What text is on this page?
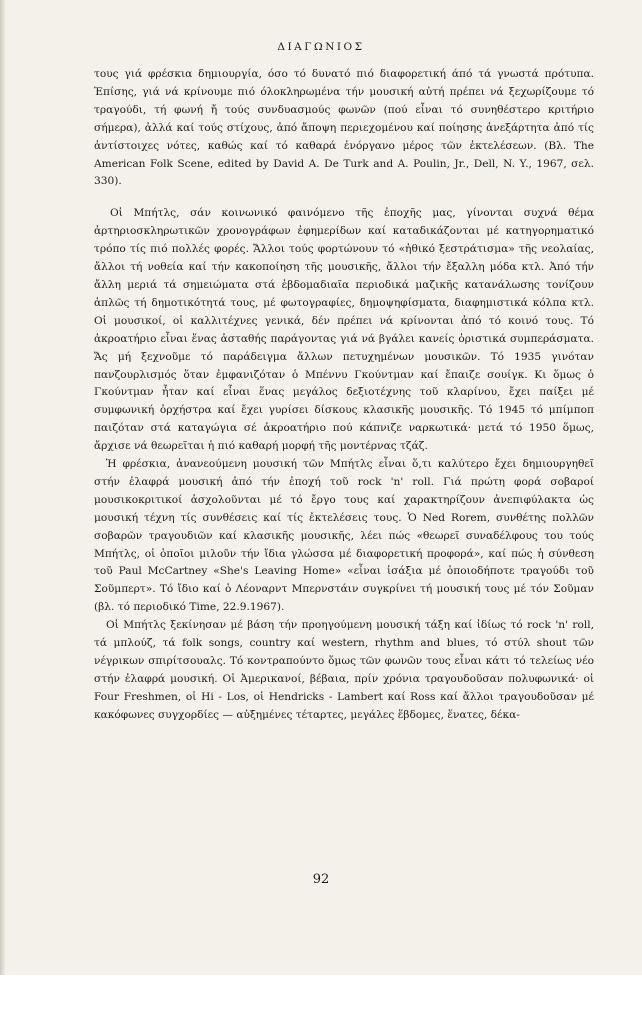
ΔΙΑΓΩΝΙΟΣ

τους γιά φρέσκια δημιουργία, όσο τό δυνατό πιό διαφορετική άπό τά γνωστά πρότυπα. Ἐπίσης, γιά νά κρίνουμε πιό όλοκληρωμένα τήν μουσική αὐτή πρέπει νά ξεχωρίζουμε τό τραγούδι, τή φωνή ἤ τούς συνδυασμούς φωνῶν (πού εἶναι τό συνηθέστερο κριτήριο σήμερα), ἀλλά καί τούς στίχους, ἀπό ἄποψη περιεχομένου καί ποίησης ἀνεξάρτητα ἀπό τίς ἀντίστοιχες νότες, καθώς καί τό καθαρά ἐνόργανο μέρος τῶν ἐκτελέσεων. (Βλ. The American Folk Scene, edited by David A. De Turk and A. Poulin, Jr., Dell, N. Y., 1967, σελ. 330).

Οἱ Μπήτλς, σάν κοινωνικό φαινόμενο τῆς ἐποχῆς μας, γίνονται συχνά θέμα ἀρτηριοσκληρωτικῶν χρονογράφων ἐφημερίδων καί καταδικάζονται μέ κατηγορηματικό τρόπο τίς πιό πολλές φορές. Ἄλλοι τούς φορτώνουν τό «ἠθικό ξεστράτισμα» τῆς νεολαίας, ἄλλοι τή νοθεία καί τήν κακοποίηση τῆς μουσικῆς, ἄλλοι τήν ἔξαλλη μόδα κτλ. Ἀπό τήν ἄλλη μεριά τά σημειώματα στά ἑβδομαδιαῖα περιοδικά μαζικῆς κατανάλωσης τονίζουν ἁπλῶς τή δημοτικότητά τους, μέ φωτογραφίες, δημοψηφίσματα, διαφημιστικά κόλπα κτλ. Οἱ μουσικοί, οἱ καλλιτέχνες γενικά, δέν πρέπει νά κρίνονται ἀπό τό κοινό τους. Τό ἀκροατήριο εἶναι ἕνας ἀσταθής παράγοντας γιά νά βγάλει κανείς ὁριστικά συμπεράσματα. Ἄς μή ξεχνοῦμε τό παράδειγμα ἄλλων πετυχημένων μουσικῶν. Τό 1935 γινόταν πανζουρλισμός ὅταν ἐμφανιζόταν ὁ Μπέννυ Γκούντμαν καί ἔπαιζε σουίγκ. Κι ὅμως ὁ Γκούντμαν ἦταν καί εἶναι ἕνας μεγάλος δεξιοτέχνης τοῦ κλαρίνου, ἔχει παίξει μέ συμφωνική ὀρχήστρα καί ἔχει γυρίσει δίσκους κλασικῆς μουσικῆς. Τό 1945 τό μπίμποπ παιζόταν στά καταγώγια σέ ἀκροατήριο πού κάπνιζε ναρκωτικά· μετά τό 1950 ὅμως, ἄρχισε νά θεωρεῖται ἡ πιό καθαρή μορφή τῆς μοντέρνας τζάζ.

Ἡ φρέσκια, ἀνανεούμενη μουσική τῶν Μπήτλς εἶναι ὅ,τι καλύτερο ἔχει δημιουργηθεῖ στήν ἐλαφρά μουσική ἀπό τήν ἐποχή τοῦ rock 'n' roll. Γιά πρώτη φορά σοβαροί μουσικοκριτικοί ἀσχολοῦνται μέ τό ἔργο τους καί χαρακτηρίζουν ἀνεπιφύλακτα ὡς μουσική τέχνη τίς συνθέσεις καί τίς ἐκτελέσεις τους. Ὁ Ned Rorem, συνθέτης πολλῶν σοβαρῶν τραγουδιῶν καί κλασικῆς μουσικῆς, λέει πώς «θεωρεῖ συναδέλφους του τούς Μπήτλς, οἱ ὁποῖοι μιλοῦν τήν ἴδια γλώσσα μέ διαφορετική προφορά», καί πώς ἡ σύνθεση τοῦ Paul McCartney «She's Leaving Home» «εἶναι ἰσάξια μέ ὁποιοδήποτε τραγούδι τοῦ Σοῦμπερτ». Τό ἴδιο καί ὁ Λέοναρντ Μπερνστάιν συγκρίνει τή μουσική τους μέ τόν Σοῦμαν (βλ. τό περιοδικό Time, 22.9.1967).

Οἱ Μπήτλς ξεκίνησαν μέ βάση τήν προηγούμενη μουσική τάξη καί ἰδίως τό rock 'n' roll, τά μπλούζ, τά folk songs, country καί western, rhythm and blues, τό στύλ shout τῶν νέγρικων σπιρίτσουαλς. Τό κοντραπούντο ὅμως τῶν φωνῶν τους εἶναι κάτι τό τελείως νέο στήν ἐλαφρά μουσική. Οἱ Ἀμερικανοί, βέβαια, πρίν χρόνια τραγουδοῦσαν πολυφωνικά· οἱ Four Freshmen, οἱ Hi - Los, οἱ Hendricks - Lambert καί Ross καί ἄλλοι τραγουδοῦσαν μέ κακόφωνες συγχορδίες — αὐξημένες τέταρτες, μεγάλες ἕβδομες, ἕνατες, δέκα-

92
